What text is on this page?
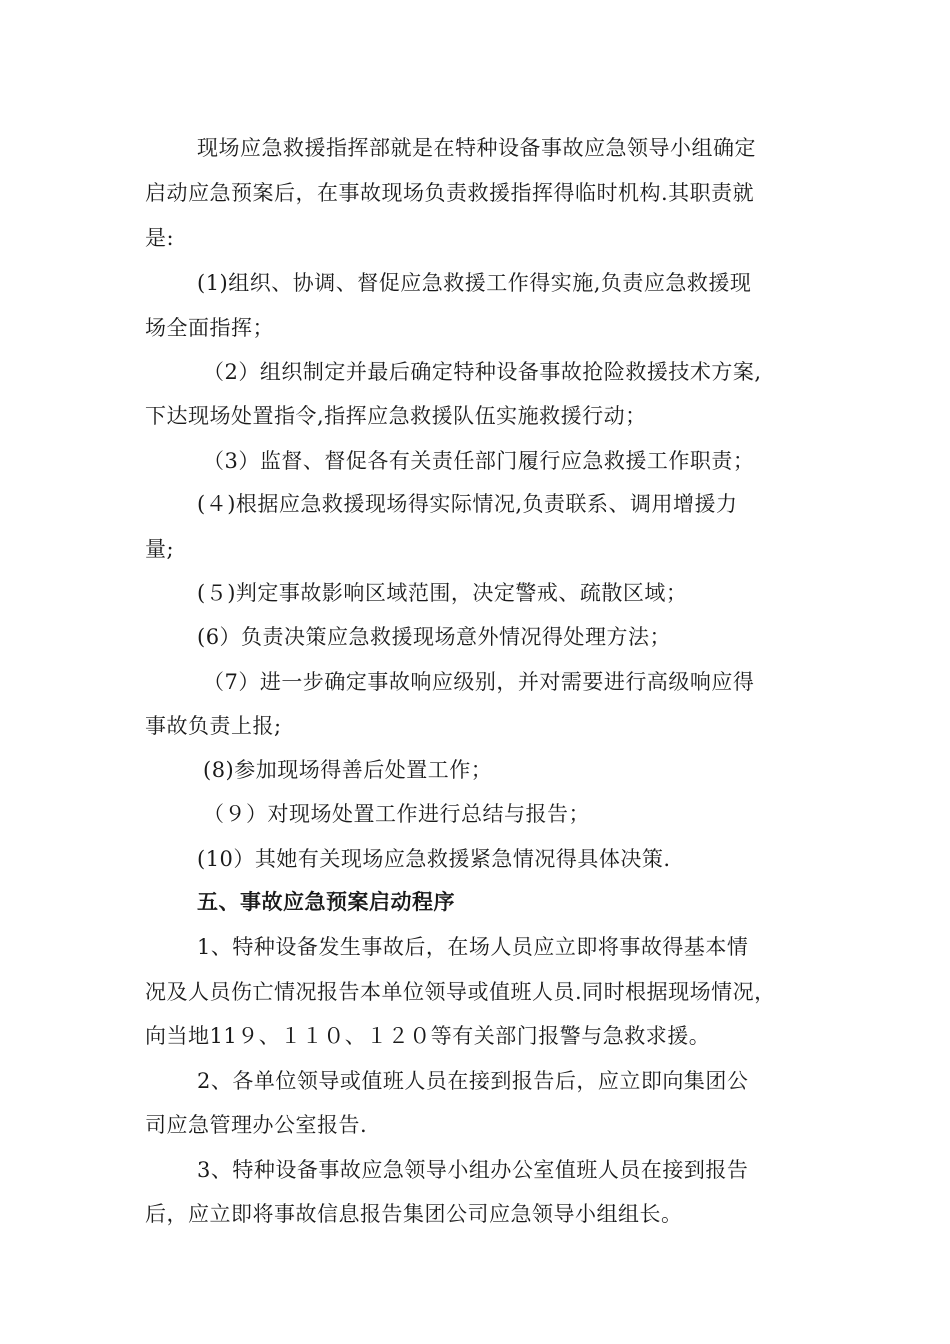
现场应急救援指挥部就是在特种设备事故应急领导小组确定
启动应急预案后，在事故现场负责救援指挥得临时机构.其职责就
是:
(1)组织、协调、督促应急救援工作得实施,负责应急救援现
场全面指挥；
（2）组织制定并最后确定特种设备事故抢险救援技术方案,
下达现场处置指令,指挥应急救援队伍实施救援行动；
（3）监督、督促各有关责任部门履行应急救援工作职责；
(４)根据应急救援现场得实际情况,负责联系、调用增援力
量;
(５)判定事故影响区域范围，决定警戒、疏散区域；
(6）负责决策应急救援现场意外情况得处理方法；
（7）进一步确定事故响应级别，并对需要进行高级响应得
事故负责上报;
(8)参加现场得善后处置工作；
（９）对现场处置工作进行总结与报告；
(10）其她有关现场应急救援紧急情况得具体决策.
五、事故应急预案启动程序
1、特种设备发生事故后，在场人员应立即将事故得基本情
况及人员伤亡情况报告本单位领导或值班人员.同时根据现场情况，
向当地11９、１１０、１２０等有关部门报警与急救求援。
2、各单位领导或值班人员在接到报告后，应立即向集团公
司应急管理办公室报告.
3、特种设备事故应急领导小组办公室值班人员在接到报告
后，应立即将事故信息报告集团公司应急领导小组组长。
